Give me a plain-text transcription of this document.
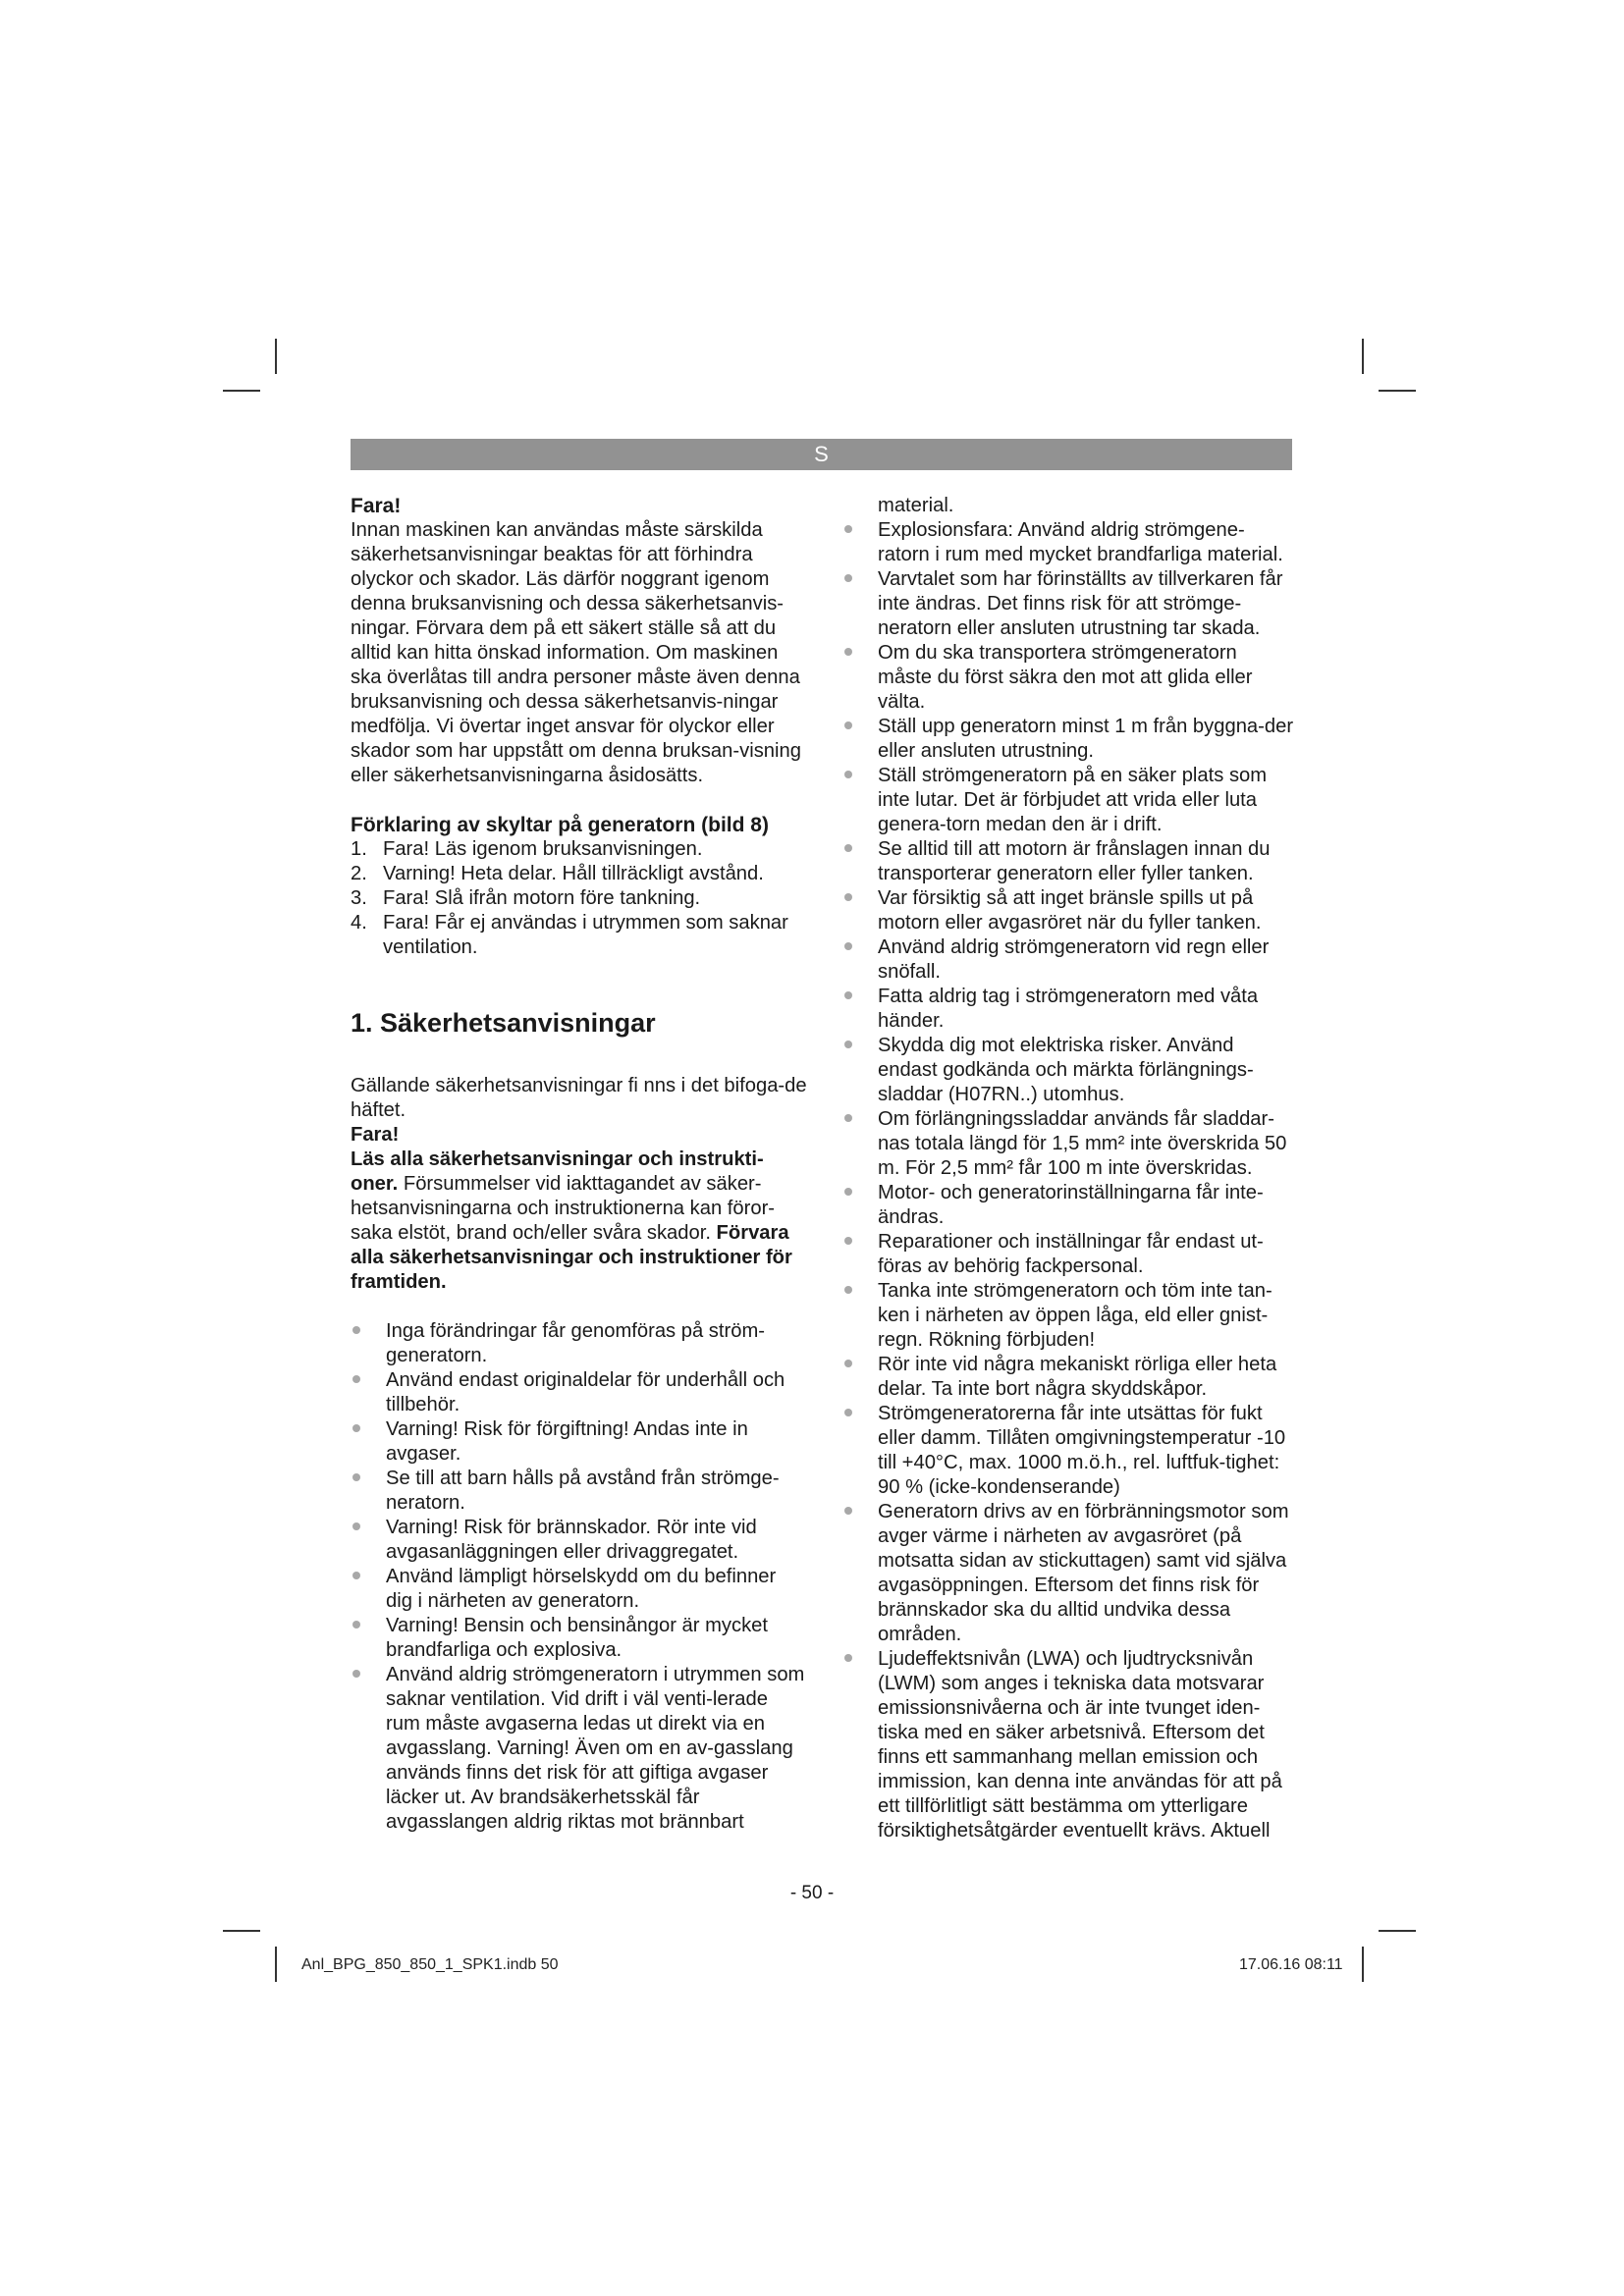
S

Fara!

Innan maskinen kan användas måste särskilda säkerhetsanvisningar beaktas för att förhindra olyckor och skador. Läs därför noggrant igenom denna bruksanvisning och dessa säkerhetsanvis-ningar. Förvara dem på ett säkert ställe så att du alltid kan hitta önskad information. Om maskinen ska överlåtas till andra personer måste även denna bruksanvisning och dessa säkerhetsanvis-ningar medfölja. Vi övertar inget ansvar för olyckor eller skador som har uppstått om denna bruksan-visning eller säkerhetsanvisningarna åsidosätts.

Förklaring av skyltar på generatorn (bild 8)

1. Fara! Läs igenom bruksanvisningen.
2. Varning! Heta delar. Håll tillräckligt avstånd.
3. Fara! Slå ifrån motorn före tankning.
4. Fara! Får ej användas i utrymmen som saknar ventilation.

1. Säkerhetsanvisningar

Gällande säkerhetsanvisningar fi nns i det bifoga-de häftet.

Fara!

Läs alla säkerhetsanvisningar och instrukti-oner. Försummelser vid iakttagandet av säker-hetsanvisningarna och instruktionerna kan föror-saka elstöt, brand och/eller svåra skador. Förvara alla säkerhetsanvisningar och instruktioner för framtiden.

Inga förändringar får genomföras på ström-generatorn.
Använd endast originaldelar för underhåll och tillbehör.
Varning! Risk för förgiftning! Andas inte in avgaser.
Se till att barn hålls på avstånd från strömge-neratorn.
Varning! Risk för brännskador. Rör inte vid avgasanläggningen eller drivaggregatet.
Använd lämpligt hörselskydd om du befinner dig i närheten av generatorn.
Varning! Bensin och bensinångor är mycket brandfarliga och explosiva.
Använd aldrig strömgeneratorn i utrymmen som saknar ventilation. Vid drift i väl venti-lerade rum måste avgaserna ledas ut direkt via en avgasslang. Varning! Även om en av-gasslang används finns det risk för att giftiga avgaser läcker ut. Av brandsäkerhetsskäl får avgasslangen aldrig riktas mot brännbart

material.

Explosionsfara: Använd aldrig strömgene-ratorn i rum med mycket brandfarliga material.
Varvtalet som har förinställts av tillverkaren får inte ändras. Det finns risk för att strömge-neratorn eller ansluten utrustning tar skada.
Om du ska transportera strömgeneratorn måste du först säkra den mot att glida eller välta.
Ställ upp generatorn minst 1 m från byggna-der eller ansluten utrustning.
Ställ strömgeneratorn på en säker plats som inte lutar. Det är förbjudet att vrida eller luta genera-torn medan den är i drift.
Se alltid till att motorn är frånslagen innan du transporterar generatorn eller fyller tanken.
Var försiktig så att inget bränsle spills ut på motorn eller avgasröret när du fyller tanken.
Använd aldrig strömgeneratorn vid regn eller snöfall.
Fatta aldrig tag i strömgeneratorn med våta händer.
Skydda dig mot elektriska risker. Använd endast godkända och märkta förlängnings-sladdar (H07RN..) utomhus.
Om förlängningssladdar används får sladdar-nas totala längd för 1,5 mm² inte överskrida 50 m. För 2,5 mm² får 100 m inte överskridas.
Motor- och generatorinställningarna får inte-ändras.
Reparationer och inställningar får endast ut-föras av behörig fackpersonal.
Tanka inte strömgeneratorn och töm inte tan-ken i närheten av öppen låga, eld eller gnist-regn. Rökning förbjuden!
Rör inte vid några mekaniskt rörliga eller heta delar. Ta inte bort några skyddskåpor.
Strömgeneratorerna får inte utsättas för fukt eller damm. Tillåten omgivningstemperatur -10 till +40°C, max. 1000 m.ö.h., rel. luftfuk-tighet: 90 % (icke-kondenserande)
Generatorn drivs av en förbränningsmotor som avger värme i närheten av avgasröret (på motsatta sidan av stickuttagen) samt vid själva avgasöppningen. Eftersom det finns risk för brännskador ska du alltid undvika dessa områden.
Ljudeffektsnivån (LWA) och ljudtrycksnivån (LWM) som anges i tekniska data motsvarar emissionsnivåerna och är inte tvunget iden-tiska med en säker arbetsnivå. Eftersom det finns ett sammanhang mellan emission och immission, kan denna inte användas för att på ett tillförlitligt sätt bestämma om ytterligare försiktighetsåtgärder eventuellt krävs. Aktuell
- 50 -
Anl_BPG_850_850_1_SPK1.indb 50	17.06.16 08:11
